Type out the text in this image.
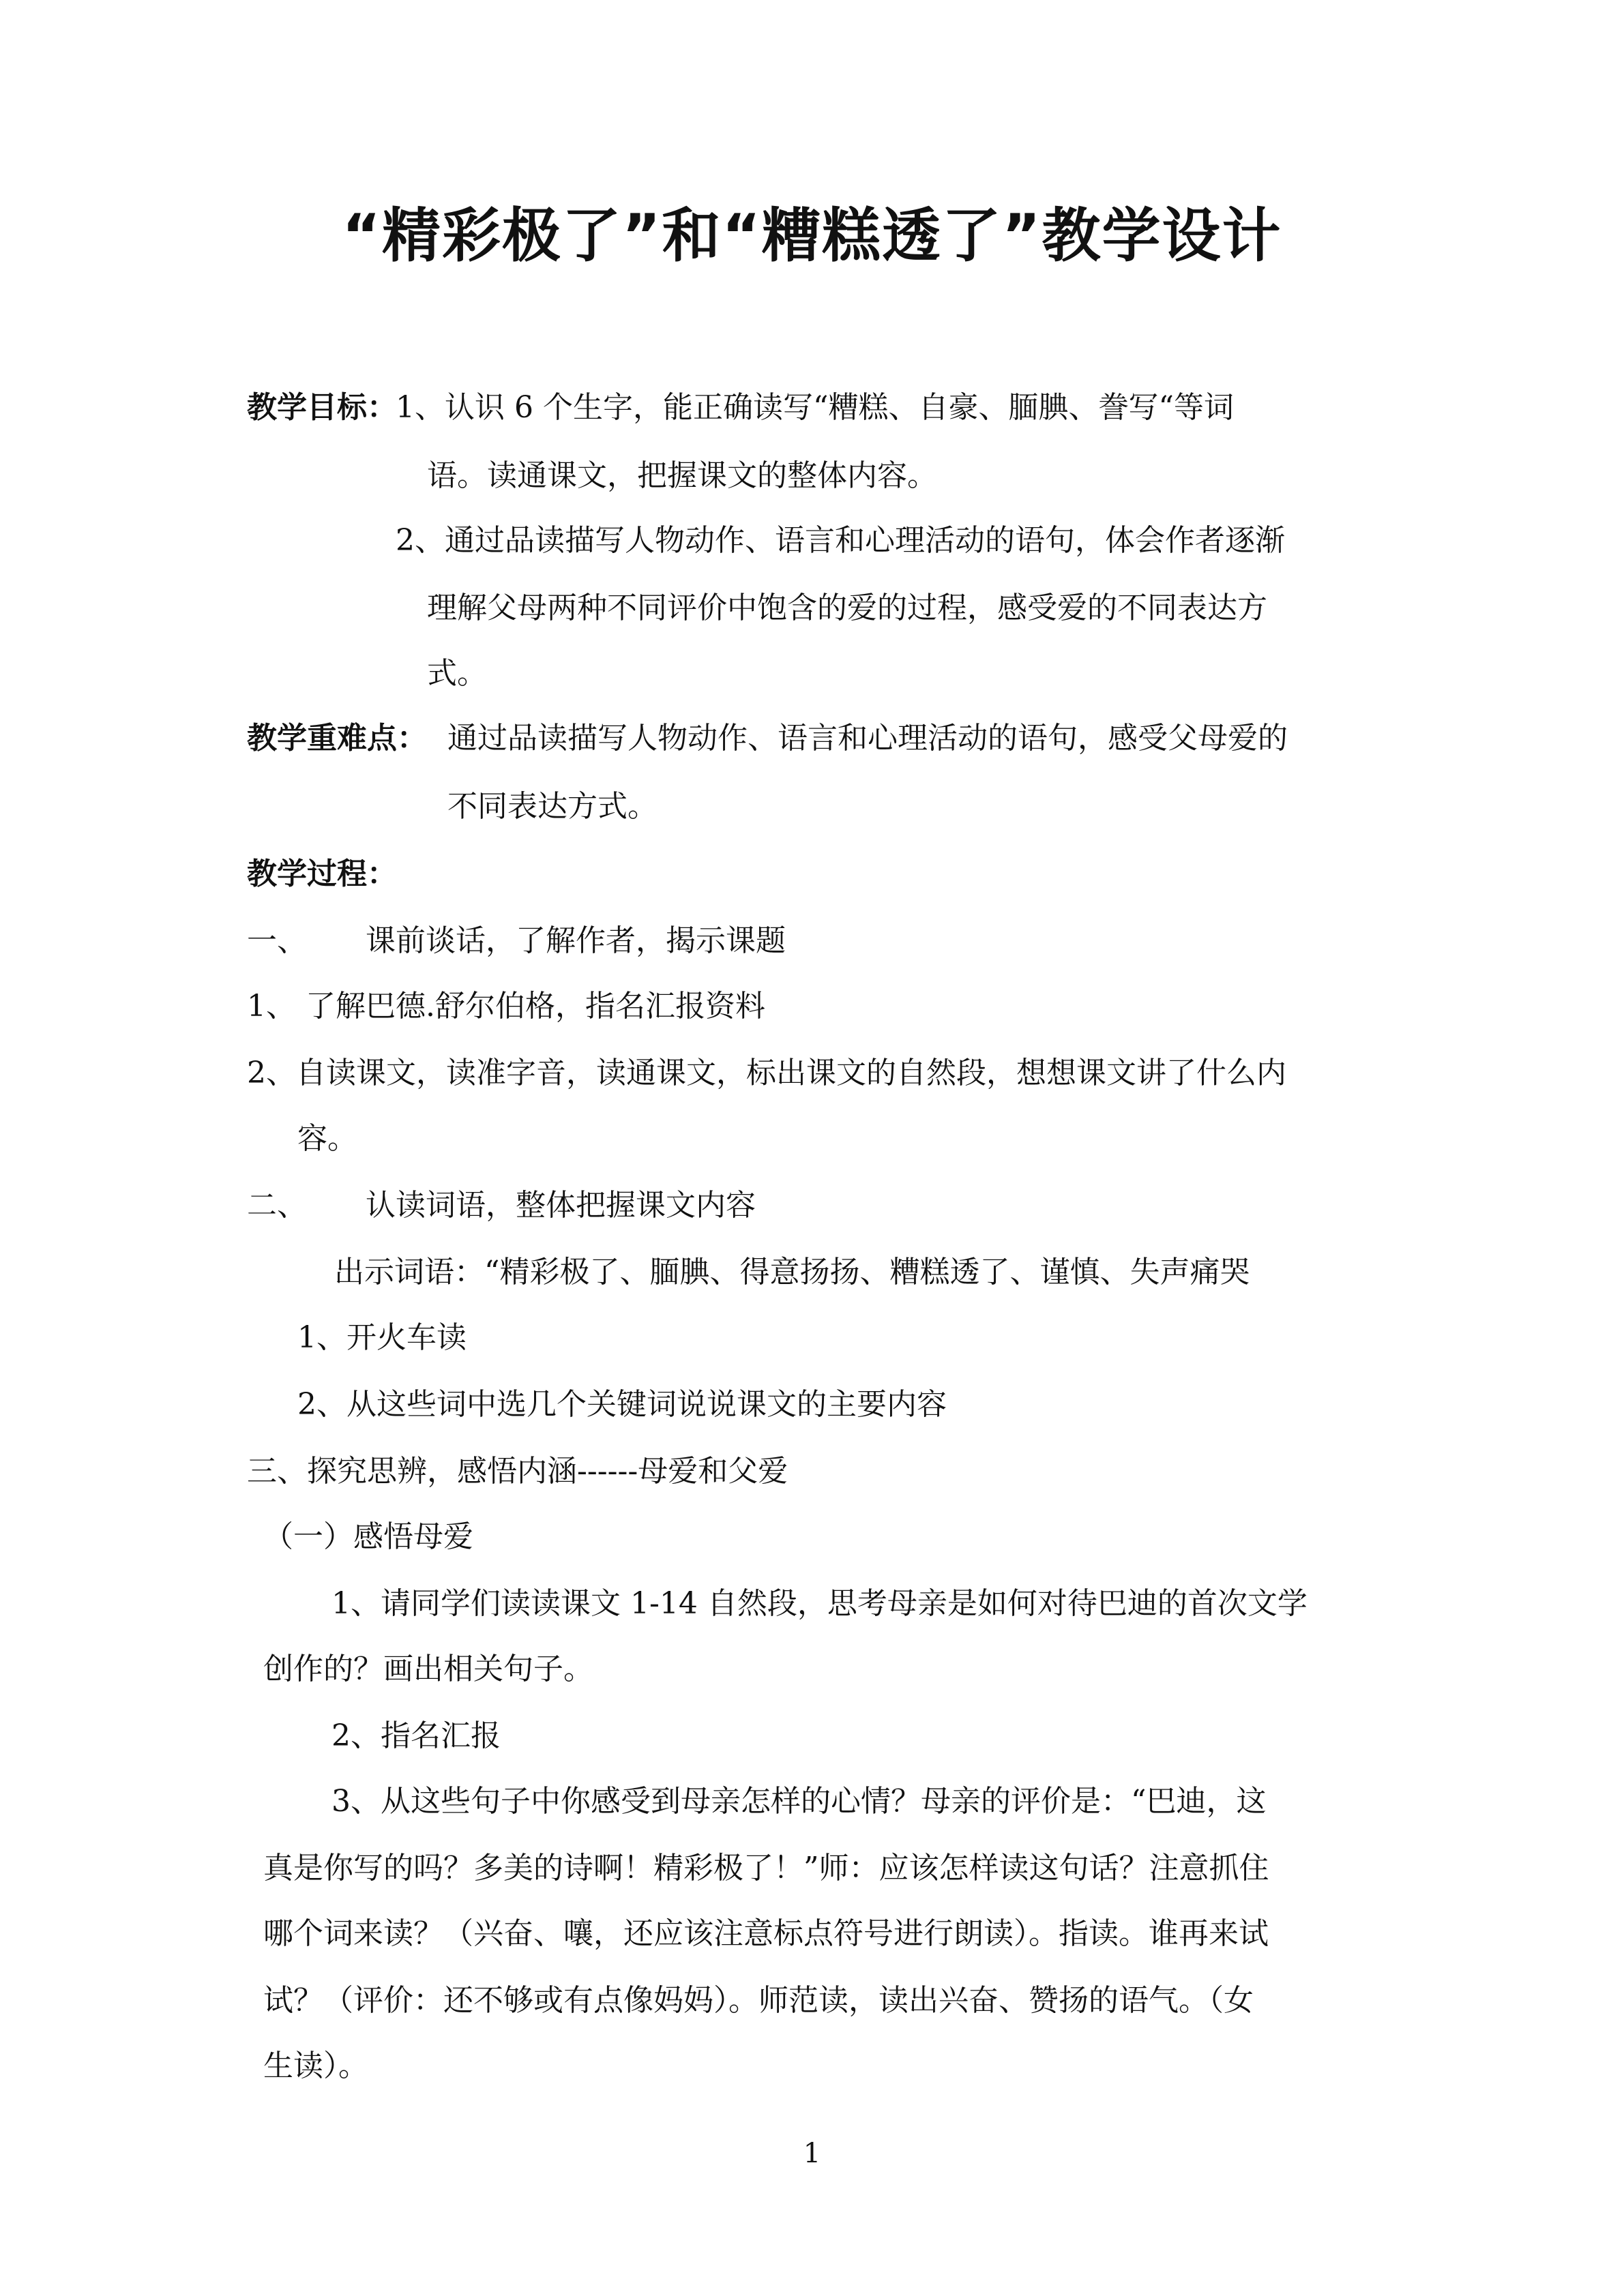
“精彩极了”和“糟糕透了”教学设计
教学目标：
1、认识 6 个生字，能正确读写“糟糕、自豪、腼腆、誊写“等词
语。读通课文，把握课文的整体内容。
2、通过品读描写人物动作、语言和心理活动的语句，体会作者逐渐
理解父母两种不同评价中饱含的爱的过程，感受爱的不同表达方
式。
教学重难点： 通过品读描写人物动作、语言和心理活动的语句，感受父母爱的
不同表达方式。
教学过程：
一、 课前谈话，了解作者，揭示课题
1、 了解巴德.舒尔伯格，指名汇报资料
2、自读课文，读准字音，读通课文，标出课文的自然段，想想课文讲了什么内
容。
二、 认读词语，整体把握课文内容
出示词语：“精彩极了、腼腆、得意扬扬、糟糕透了、谨慎、失声痛哭
1、开火车读
2、从这些词中选几个关键词说说课文的主要内容
三、探究思辨，感悟内涵------母爱和父爱
（一）感悟母爱
1、请同学们读读课文 1-14 自然段，思考母亲是如何对待巴迪的首次文学
创作的？画出相关句子。
2、指名汇报
3、从这些句子中你感受到母亲怎样的心情？母亲的评价是：“巴迪，这
真是你写的吗？多美的诗啊！精彩极了！”师：应该怎样读这句话？注意抓住
哪个词来读？（兴奋、嚷，还应该注意标点符号进行朗读）。指读。谁再来试
试？（评价：还不够或有点像妈妈）。师范读，读出兴奋、赞扬的语气。（女
生读）。
1
